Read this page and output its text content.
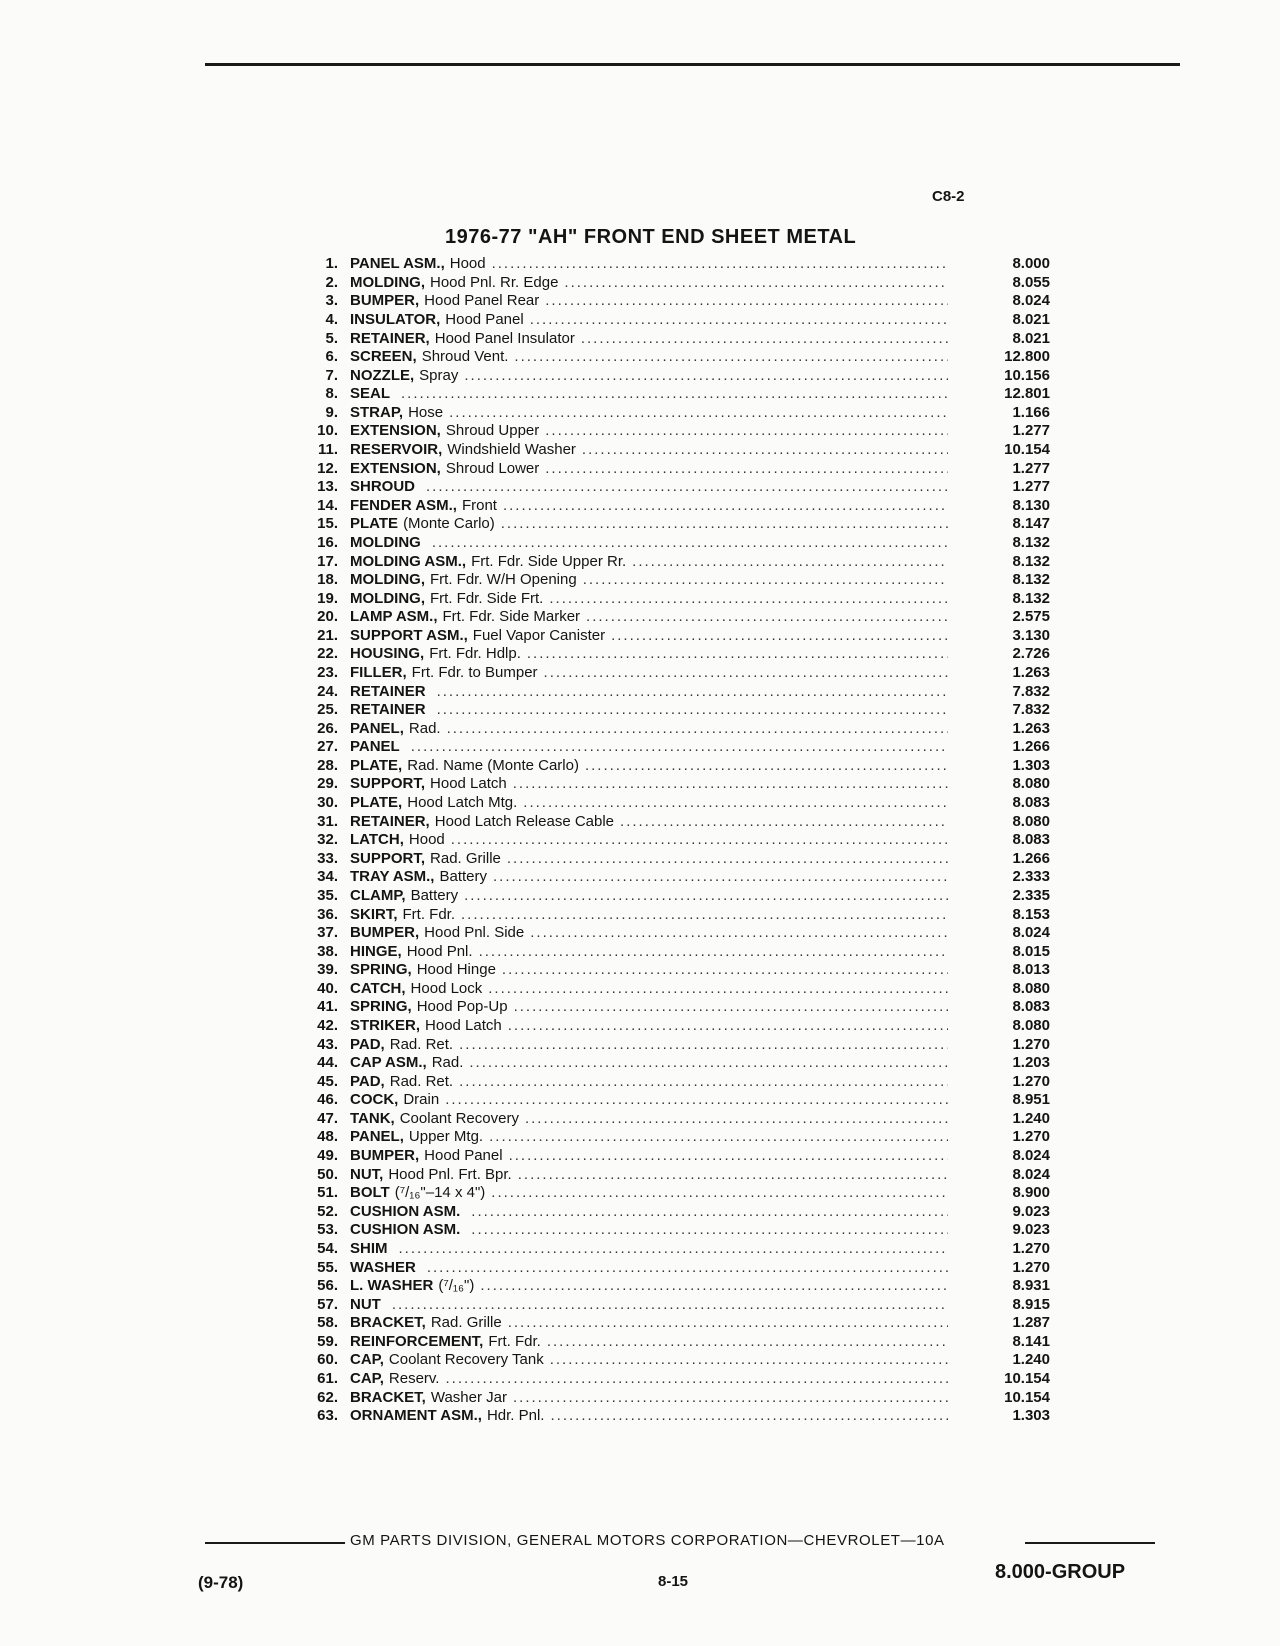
C8-2
1976-77 "AH" FRONT END SHEET METAL
1. PANEL ASM., Hood .....	8.000
2. MOLDING, Hood Pnl. Rr. Edge .....	8.055
3. BUMPER, Hood Panel Rear .....	8.024
4. INSULATOR, Hood Panel .....	8.021
5. RETAINER, Hood Panel Insulator .....	8.021
6. SCREEN, Shroud Vent. .....	12.800
7. NOZZLE, Spray .....	10.156
8. SEAL .....	12.801
9. STRAP, Hose .....	1.166
10. EXTENSION, Shroud Upper .....	1.277
11. RESERVOIR, Windshield Washer .....	10.154
12. EXTENSION, Shroud Lower .....	1.277
13. SHROUD .....	1.277
14. FENDER ASM., Front .....	8.130
15. PLATE (Monte Carlo) .....	8.147
16. MOLDING .....	8.132
17. MOLDING ASM., Frt. Fdr. Side Upper Rr. .....	8.132
18. MOLDING, Frt. Fdr. W/H Opening .....	8.132
19. MOLDING, Frt. Fdr. Side Frt. .....	8.132
20. LAMP ASM., Frt. Fdr. Side Marker .....	2.575
21. SUPPORT ASM., Fuel Vapor Canister .....	3.130
22. HOUSING, Frt. Fdr. Hdlp. .....	2.726
23. FILLER, Frt. Fdr. to Bumper .....	1.263
24. RETAINER .....	7.832
25. RETAINER .....	7.832
26. PANEL, Rad. .....	1.263
27. PANEL .....	1.266
28. PLATE, Rad. Name (Monte Carlo) .....	1.303
29. SUPPORT, Hood Latch .....	8.080
30. PLATE, Hood Latch Mtg. .....	8.083
31. RETAINER, Hood Latch Release Cable .....	8.080
32. LATCH, Hood .....	8.083
33. SUPPORT, Rad. Grille .....	1.266
34. TRAY ASM., Battery .....	2.333
35. CLAMP, Battery .....	2.335
36. SKIRT, Frt. Fdr. .....	8.153
37. BUMPER, Hood Pnl. Side .....	8.024
38. HINGE, Hood Pnl. .....	8.015
39. SPRING, Hood Hinge .....	8.013
40. CATCH, Hood Lock .....	8.080
41. SPRING, Hood Pop-Up .....	8.083
42. STRIKER, Hood Latch .....	8.080
43. PAD, Rad. Ret. .....	1.270
44. CAP ASM., Rad. .....	1.203
45. PAD, Rad. Ret. .....	1.270
46. COCK, Drain .....	8.951
47. TANK, Coolant Recovery .....	1.240
48. PANEL, Upper Mtg. .....	1.270
49. BUMPER, Hood Panel .....	8.024
50. NUT, Hood Pnl. Frt. Bpr. .....	8.024
51. BOLT (⁷/₁₆"–14 x 4") .....	8.900
52. CUSHION ASM. .....	9.023
53. CUSHION ASM. .....	9.023
54. SHIM .....	1.270
55. WASHER .....	1.270
56. L. WASHER (⁷/₁₆") .....	8.931
57. NUT .....	8.915
58. BRACKET, Rad. Grille .....	1.287
59. REINFORCEMENT, Frt. Fdr. .....	8.141
60. CAP, Coolant Recovery Tank .....	1.240
61. CAP, Reserv. .....	10.154
62. BRACKET, Washer Jar .....	10.154
63. ORNAMENT ASM., Hdr. Pnl. .....	1.303
GM PARTS DIVISION, GENERAL MOTORS CORPORATION—CHEVROLET—10A
(9-78)	8-15	8.000-GROUP
